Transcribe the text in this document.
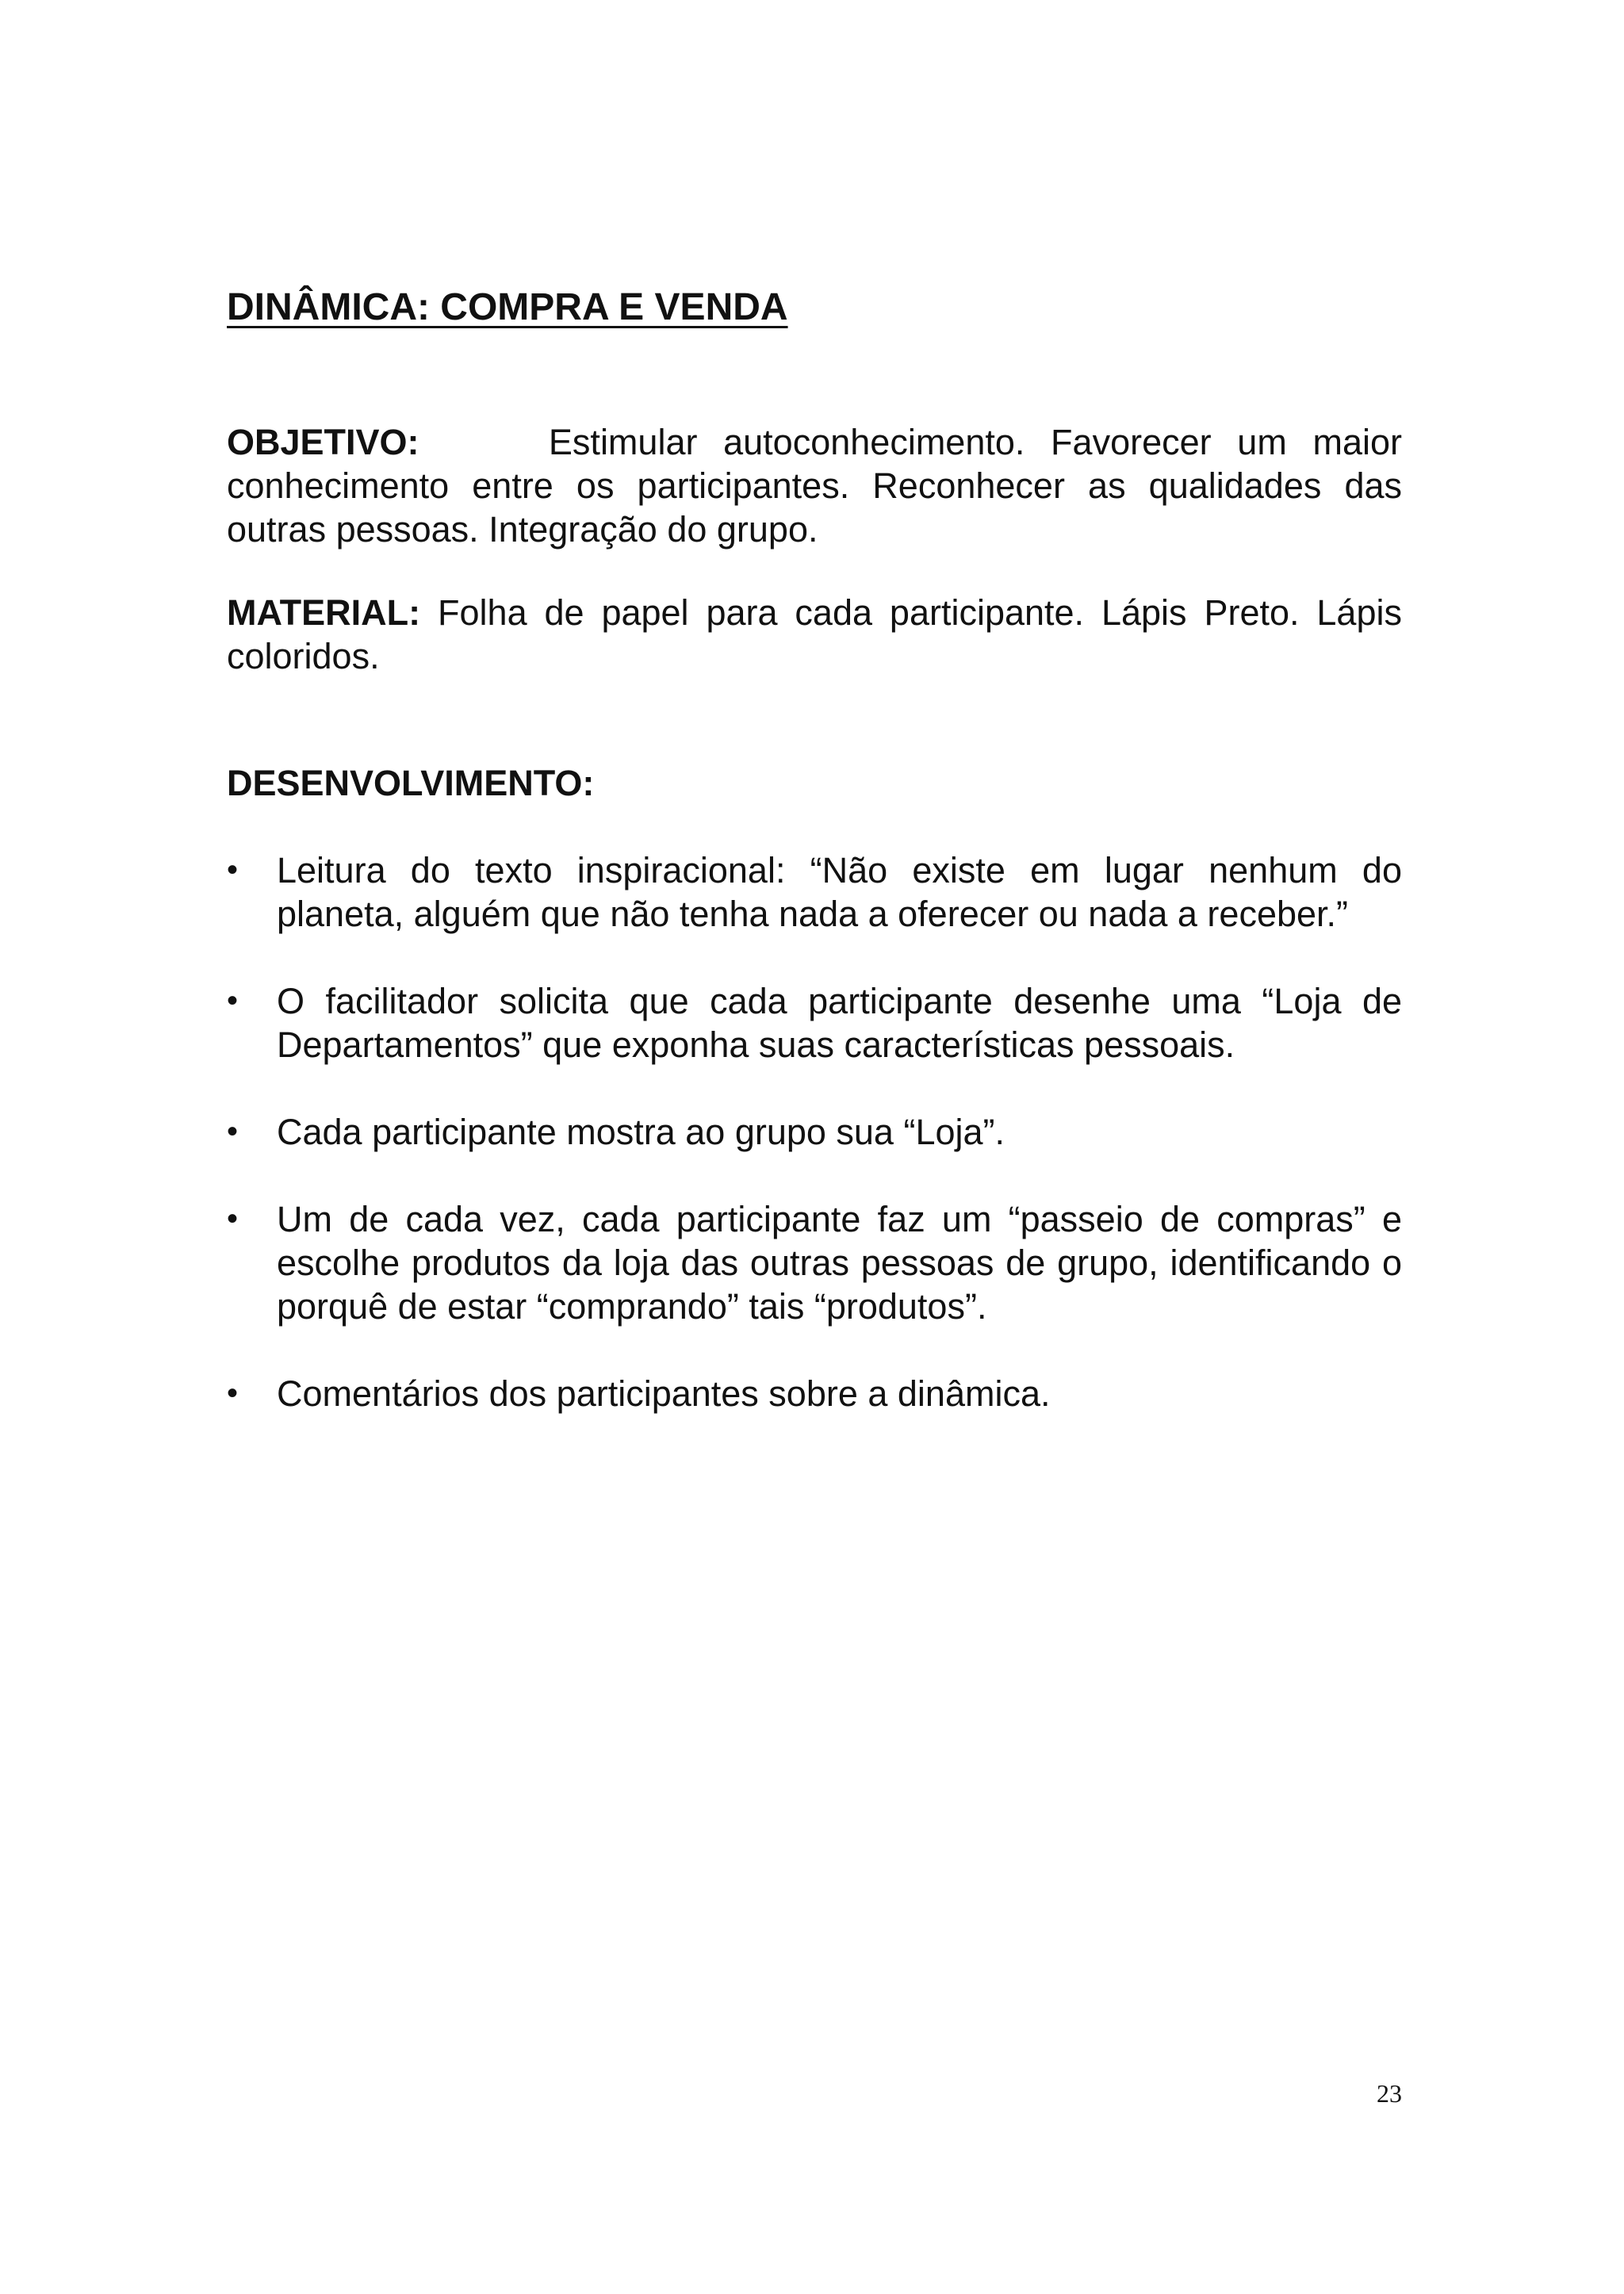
DINÂMICA: COMPRA E VENDA

OBJETIVO:	Estimular autoconhecimento. Favorecer um maior conhecimento entre os participantes. Reconhecer as qualidades das outras pessoas. Integração do grupo.

MATERIAL: Folha de papel para cada participante. Lápis Preto. Lápis coloridos.

DESENVOLVIMENTO:
• Leitura do texto inspiracional: “Não existe em lugar nenhum do planeta, alguém que não tenha nada a oferecer ou nada a receber.”
• O facilitador solicita que cada participante desenhe uma “Loja de Departamentos” que exponha suas características pessoais.
• Cada participante mostra ao grupo sua “Loja”.
• Um de cada vez, cada participante faz um “passeio de compras” e escolhe produtos da loja das outras pessoas de grupo, identificando o porquê de estar “comprando” tais “produtos”.
• Comentários dos participantes sobre a dinâmica.
23
